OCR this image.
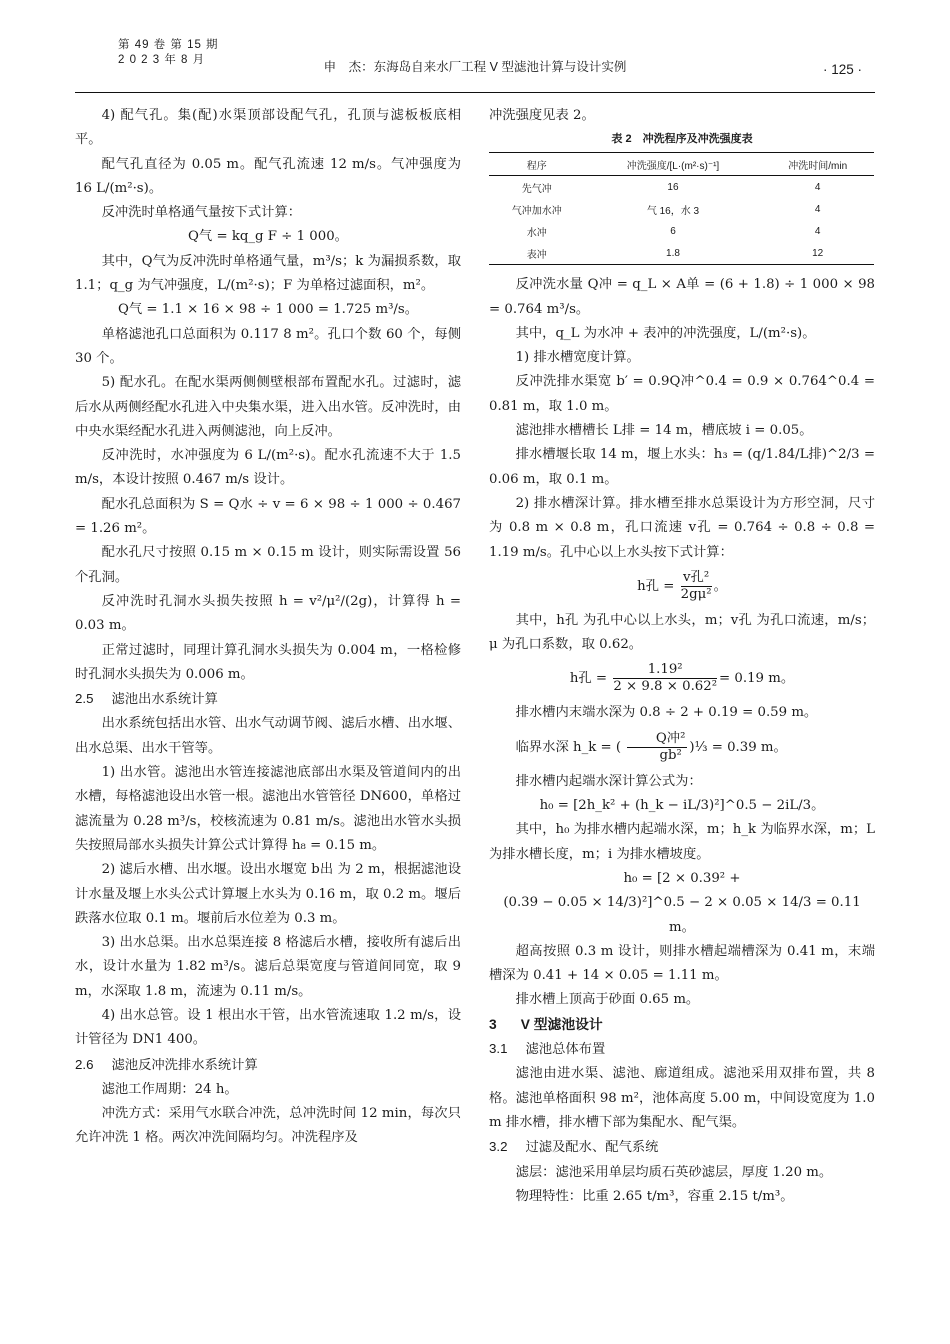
第 49 卷 第 15 期
2 0 2 3 年 8 月	申　杰：东海岛自来水厂工程 V 型滤池计算与设计实例	· 125 ·

4) 配气孔。集(配)水渠顶部设配气孔，孔顶与滤板板底相平。

配气孔直径为 0.05 m。配气孔流速 12 m/s。气冲强度为 16 L/(m²·s)。

反冲洗时单格通气量按下式计算：

Q气 = kq_g F ÷ 1 000。

其中，Q气为反冲洗时单格通气量，m³/s；k 为漏损系数，取 1.1；q_g 为气冲强度，L/(m²·s)；F 为单格过滤面积，m²。

Q气 = 1.1 × 16 × 98 ÷ 1 000 = 1.725 m³/s。

单格滤池孔口总面积为 0.117 8 m²。孔口个数 60 个，每侧 30 个。

5) 配水孔。在配水渠两侧侧壁根部布置配水孔。过滤时，滤后水从两侧经配水孔进入中央集水渠，进入出水管。反冲洗时，由中央水渠经配水孔进入两侧滤池，向上反冲。

反冲洗时，水冲强度为 6 L/(m²·s)。配水孔流速不大于 1.5 m/s，本设计按照 0.467 m/s 设计。

配水孔总面积为 S = Q水 ÷ v = 6 × 98 ÷ 1 000 ÷ 0.467 = 1.26 m²。

配水孔尺寸按照 0.15 m × 0.15 m 设计，则实际需设置 56 个孔洞。

反冲洗时孔洞水头损失按照 h = v²/μ²/(2g)，计算得 h = 0.03 m。

正常过滤时，同理计算孔洞水头损失为 0.004 m，一格检修时孔洞水头损失为 0.006 m。

2.5 滤池出水系统计算

出水系统包括出水管、出水气动调节阀、滤后水槽、出水堰、出水总渠、出水干管等。

1) 出水管。滤池出水管连接滤池底部出水渠及管道间内的出水槽，每格滤池设出水管一根。滤池出水管管径 DN600，单格过滤流量为 0.28 m³/s，校核流速为 0.81 m/s。滤池出水管水头损失按照局部水头损失计算公式计算得 h₈ = 0.15 m。

2) 滤后水槽、出水堰。设出水堰宽 b出 为 2 m，根据滤池设计水量及堰上水头公式计算堰上水头为 0.16 m，取 0.2 m。堰后跌落水位取 0.1 m。堰前后水位差为 0.3 m。

3) 出水总渠。出水总渠连接 8 格滤后水槽，接收所有滤后出水，设计水量为 1.82 m³/s。滤后总渠宽度与管道间同宽，取 9 m，水深取 1.8 m，流速为 0.11 m/s。

4) 出水总管。设 1 根出水干管，出水管流速取 1.2 m/s，设计管径为 DN1 400。

2.6 滤池反冲洗排水系统计算

滤池工作周期：24 h。

冲洗方式：采用气水联合冲洗，总冲洗时间 12 min，每次只允许冲洗 1 格。两次冲洗间隔均匀。冲洗程序及

冲洗强度见表 2。

表 2　冲洗程序及冲洗强度表
程序	冲洗强度/[L·(m²·s)⁻¹]	冲洗时间/min
先气冲	16	4
气冲加水冲	气 16，水 3	4
水冲	6	4
表冲	1.8	12

反冲洗水量 Q冲 = q_L × A单 = (6 + 1.8) ÷ 1 000 × 98 = 0.764 m³/s。

其中，q_L 为水冲 + 表冲的冲洗强度，L/(m²·s)。

1) 排水槽宽度计算。

反冲洗排水渠宽 b′ = 0.9Q冲^0.4 = 0.9 × 0.764^0.4 = 0.81 m，取 1.0 m。

滤池排水槽槽长 L排 = 14 m，槽底坡 i = 0.05。

排水槽堰长取 14 m，堰上水头：h₃ = (q/1.84/L排)^2/3 = 0.06 m，取 0.1 m。

2) 排水槽深计算。排水槽至排水总渠设计为方形空洞，尺寸为 0.8 m × 0.8 m，孔口流速 v孔 = 0.764 ÷ 0.8 ÷ 0.8 = 1.19 m/s。孔中心以上水头按下式计算：

h孔 = $\frac{\text{v孔²}}{\text{2gμ²}}$ 。

其中，h孔 为孔中心以上水头，m；v孔 为孔口流速，m/s；μ 为孔口系数，取 0.62。

h孔 = $\frac{\text{1.19²}}{\text{2 × 9.8 × 0.62²}} = 0.19$ m。

排水槽内末端水深为 0.8 ÷ 2 + 0.19 = 0.59 m。

临界水深 h_k = ( $\frac{\text{Q冲²}}{\text{gb²}}$ )⅓ = 0.39 m。

排水槽内起端水深计算公式为：

h₀ = [2h_k² + (h_k − iL/3)²]^0.5 − 2iL/3。

其中，h₀ 为排水槽内起端水深，m；h_k 为临界水深，m；L 为排水槽长度，m；i 为排水槽坡度。

h₀ = [2 × 0.39² +

(0.39 − 0.05 × 14/3)²]^0.5 − 2 × 0.05 × 14/3 = 0.11 m。

超高按照 0.3 m 设计，则排水槽起端槽深为 0.41 m，末端槽深为 0.41 + 14 × 0.05 = 1.11 m。

排水槽上顶高于砂面 0.65 m。

3 V 型滤池设计
3.1 滤池总体布置

滤池由进水渠、滤池、廊道组成。滤池采用双排布置，共 8 格。滤池单格面积 98 m²，池体高度 5.00 m，中间设宽度为 1.0 m 排水槽，排水槽下部为集配水、配气渠。

3.2 过滤及配水、配气系统

滤层：滤池采用单层均质石英砂滤层，厚度 1.20 m。

物理特性：比重 2.65 t/m³，容重 2.15 t/m³。
